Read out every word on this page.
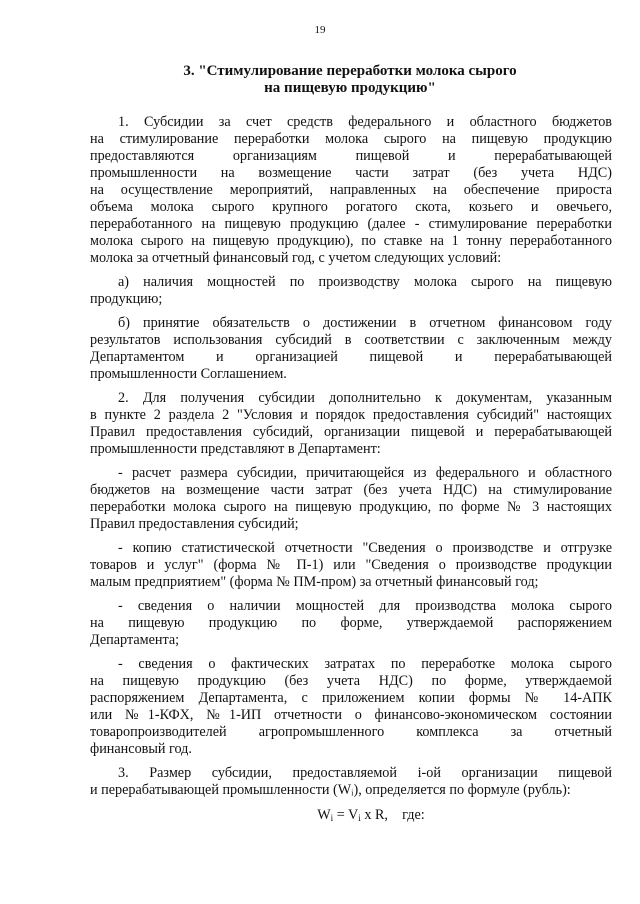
19
3. "Стимулирование переработки молока сырого
на пищевую продукцию"
1. Субсидии за счет средств федерального и областного бюджетов
на стимулирование переработки молока сырого на пищевую продукцию
предоставляются организациям пищевой и перерабатывающей
промышленности на возмещение части затрат (без учета НДС)
на осуществление мероприятий, направленных на обеспечение прироста
объема молока сырого крупного рогатого скота, козьего и овечьего,
переработанного на пищевую продукцию (далее - стимулирование переработки
молока сырого на пищевую продукцию), по ставке на 1 тонну переработанного
молока за отчетный финансовый год, с учетом следующих условий:
а) наличия мощностей по производству молока сырого на пищевую
продукцию;
б) принятие обязательств о достижении в отчетном финансовом году
результатов использования субсидий в соответствии с заключенным между
Департаментом и организацией пищевой и перерабатывающей
промышленности Соглашением.
2. Для получения субсидии дополнительно к документам, указанным
в пункте 2 раздела 2 "Условия и порядок предоставления субсидий" настоящих
Правил предоставления субсидий, организации пищевой и перерабатывающей
промышленности представляют в Департамент:
- расчет размера субсидии, причитающейся из федерального и областного
бюджетов на возмещение части затрат (без учета НДС) на стимулирование
переработки молока сырого на пищевую продукцию, по форме № 3 настоящих
Правил предоставления субсидий;
- копию статистической отчетности "Сведения о производстве и отгрузке
товаров и услуг" (форма № П-1) или "Сведения о производстве продукции
малым предприятием" (форма № ПМ-пром) за отчетный финансовый год;
- сведения о наличии мощностей для производства молока сырого
на пищевую продукцию по форме, утверждаемой распоряжением
Департамента;
- сведения о фактических затратах по переработке молока сырого
на пищевую продукцию (без учета НДС) по форме, утверждаемой
распоряжением Департамента, с приложением копии формы № 14-АПК
или №1-КФХ, №1-ИП отчетности о финансово-экономическом состоянии
товаропроизводителей агропромышленного комплекса за отчетный
финансовый год.
3. Размер субсидии, предоставляемой i-ой организации пищевой
и перерабатывающей промышленности (Wᵢ), определяется по формуле (рубль):
$W_i = V_i$ x R,    где:
